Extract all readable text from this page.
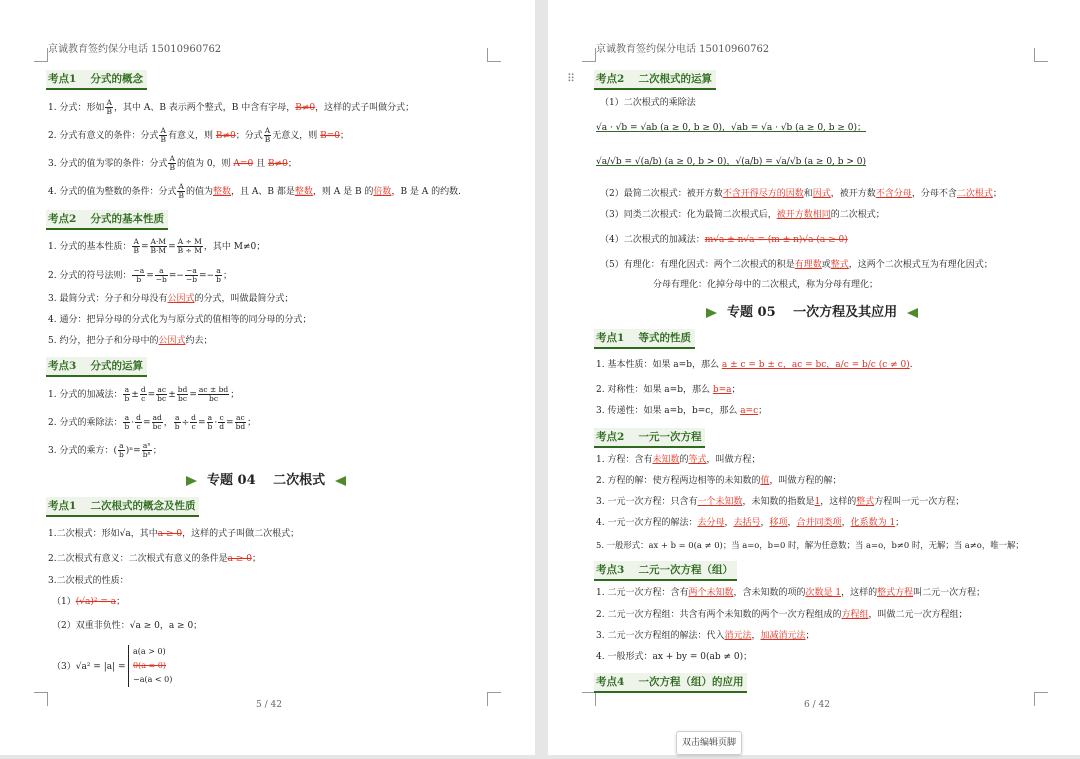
京诚教育签约保分电话 15010960762
考点1　 分式的概念
1. 分式：形如 $\frac{A}{B}$ ，其中 A、B 表示两个整式，B 中含有字母，B≠0，这样的式子叫做分式；
2. 分式有意义的条件：分式 $\frac{A}{B}$ 有意义，则 B≠0；分式 $\frac{A}{B}$ 无意义，则 B=0；
3. 分式的值为零的条件：分式 $\frac{A}{B}$ 的值为 0，则 A=0 且 B≠0；
4. 分式的值为整数的条件：分式 $\frac{A}{B}$ 的值为整数，且 A、B 都是整数，则 A 是 B 的倍数，B 是 A 的约数.
考点2　 分式的基本性质
1. 分式的基本性质： $\frac{A}{B} = \frac{A\cdot M}{B\cdot M} = \frac{A \div M}{B \div M}$ ，其中 M≠0；
2. 分式的符号法则： $\frac{-a}{b} = \frac{a}{-b} =- \frac{-a}{-b} =- \frac{a}{b}$ ；
3. 最简分式：分子和分母没有公因式的分式，叫做最简分式；
4. 通分：把异分母的分式化为与原分式的值相等的同分母的分式；
5. 约分，把分子和分母中的公因式约去；
考点3　 分式的运算
1. 分式的加减法： $\frac{a}{b} \pm \frac{d}{c} = \frac{ac}{bc} \pm \frac{bd}{bc} = \frac{ac \pm bd}{bc}$ ；
2. 分式的乘除法： $\frac{a}{b} \cdot \frac{d}{c} = \frac{ad}{bc}$ ， $\frac{a}{b} \div \frac{d}{c} = \frac{a}{b} \cdot \frac{c}{d} = \frac{ac}{bd}$ ；
3. 分式的乘方：( $\frac{a}{b} )^n= \frac{\text{aⁿ}}{\text{bⁿ}}$ ；
专题 04　 二次根式
考点1　 二次根式的概念及性质
1.二次根式：形如√a，其中a ≥ 0，这样的式子叫做二次根式；
2.二次根式有意义：二次根式有意义的条件是a ≥ 0；
3.二次根式的性质：
（1）(√a)² = a；
（2）双重非负性：√a ≥ 0，a ≥ 0；
（3）√a² = |a| =
a(a > 0)
0(a = 0)
−a(a < 0)
5 / 42
京诚教育签约保分电话 15010960762
考点2　 二次根式的运算
（1）二次根式的乘除法
√a · √b = √ab (a ≥ 0, b ≥ 0)，√ab = √a · √b (a ≥ 0, b ≥ 0)；
√a/√b = √(a/b) (a ≥ 0, b > 0)，√(a/b) = √a/√b (a ≥ 0, b > 0)
（2）最简二次根式：被开方数不含开得尽方的因数和因式，被开方数不含分母，分母不含二次根式；
（3）同类二次根式：化为最简二次根式后，被开方数相同的二次根式；
（4）二次根式的加减法：m√a ± n√a = (m ± n)√a (a ≥ 0)
（5）有理化：有理化因式：两个二次根式的积是有理数或整式，这两个二次根式互为有理化因式；
分母有理化：化掉分母中的二次根式，称为分母有理化；
专题 05　 一次方程及其应用
考点1　 等式的性质
1. 基本性质：如果 a=b，那么 a ± c = b ± c，ac = bc，a/c = b/c (c ≠ 0).
2. 对称性：如果 a=b，那么 b=a；
3. 传递性：如果 a=b，b=c，那么 a=c；
考点2　 一元一次方程
1. 方程：含有未知数的等式，叫做方程；
2. 方程的解：使方程两边相等的未知数的值，叫做方程的解；
3. 一元一次方程：只含有一个未知数，未知数的指数是1，这样的整式方程叫一元一次方程；
4. 一元一次方程的解法：去分母，去括号，移项，合并同类项，化系数为 1；
5. 一般形式：ax + b = 0(a ≠ 0)；当 a=o，b=0 时，解为任意数；当 a=o，b≠0 时，无解；当 a≠o，唯一解；
考点3　 二元一次方程（组）
1. 二元一次方程：含有两个未知数，含未知数的项的次数是 1，这样的整式方程叫二元一次方程；
2. 二元一次方程组：共含有两个未知数的两个一次方程组成的方程组，叫做二元一次方程组；
3. 二元一次方程组的解法：代入消元法，加减消元法；
4. 一般形式：ax + by = 0(ab ≠ 0)；
考点4　 一次方程（组）的应用
6 / 42
⠿
双击编辑页脚
